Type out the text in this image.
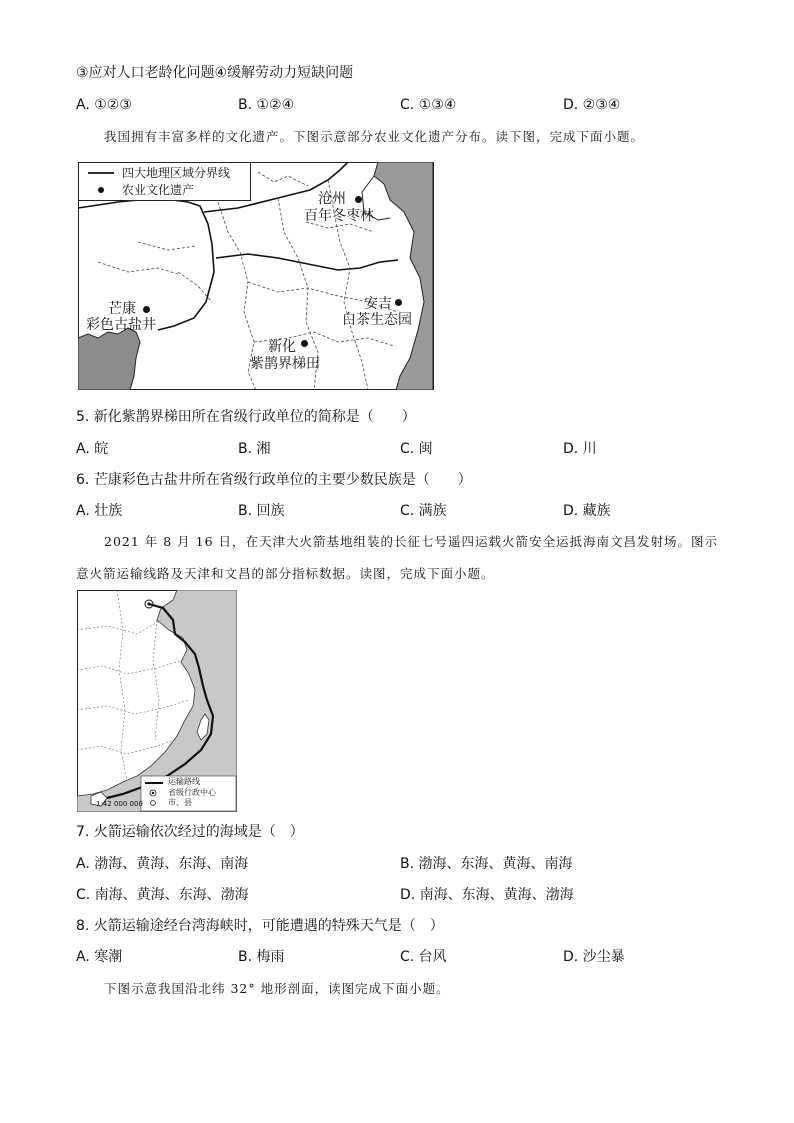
③应对人口老龄化问题④缓解劳动力短缺问题
A. ①②③	B. ①②④	C. ①③④	D. ②③④
我国拥有丰富多样的文化遗产。下图示意部分农业文化遗产分布。读下图，完成下面小题。
四大地理区域分界线
农业文化遗产
沧州
百年冬枣林
芒康
彩色古盐井
安吉
白茶生态园
新化
紫鹊界梯田
5. 新化紫鹊界梯田所在省级行政单位的简称是（　　）
A. 皖	B. 湘	C. 闽	D. 川
6. 芒康彩色古盐井所在省级行政单位的主要少数民族是（　　）
A. 壮族	B. 回族	C. 满族	D. 藏族
2021 年 8 月 16 日，在天津大火箭基地组装的长征七号遥四运载火箭安全运抵海南文昌发射场。图示
意火箭运输线路及天津和文昌的部分指标数据。读图，完成下面小题。
运输路线
省级行政中心
市、县
1:42 000 000
7. 火箭运输依次经过的海域是（　）
A. 渤海、黄海、东海、南海	B. 渤海、东海、黄海、南海
C. 南海、黄海、东海、渤海	D. 南海、东海、黄海、渤海
8. 火箭运输途经台湾海峡时，可能遭遇的特殊天气是（　）
A. 寒潮	B. 梅雨	C. 台风	D. 沙尘暴
下图示意我国沿北纬 32° 地形剖面，读图完成下面小题。
